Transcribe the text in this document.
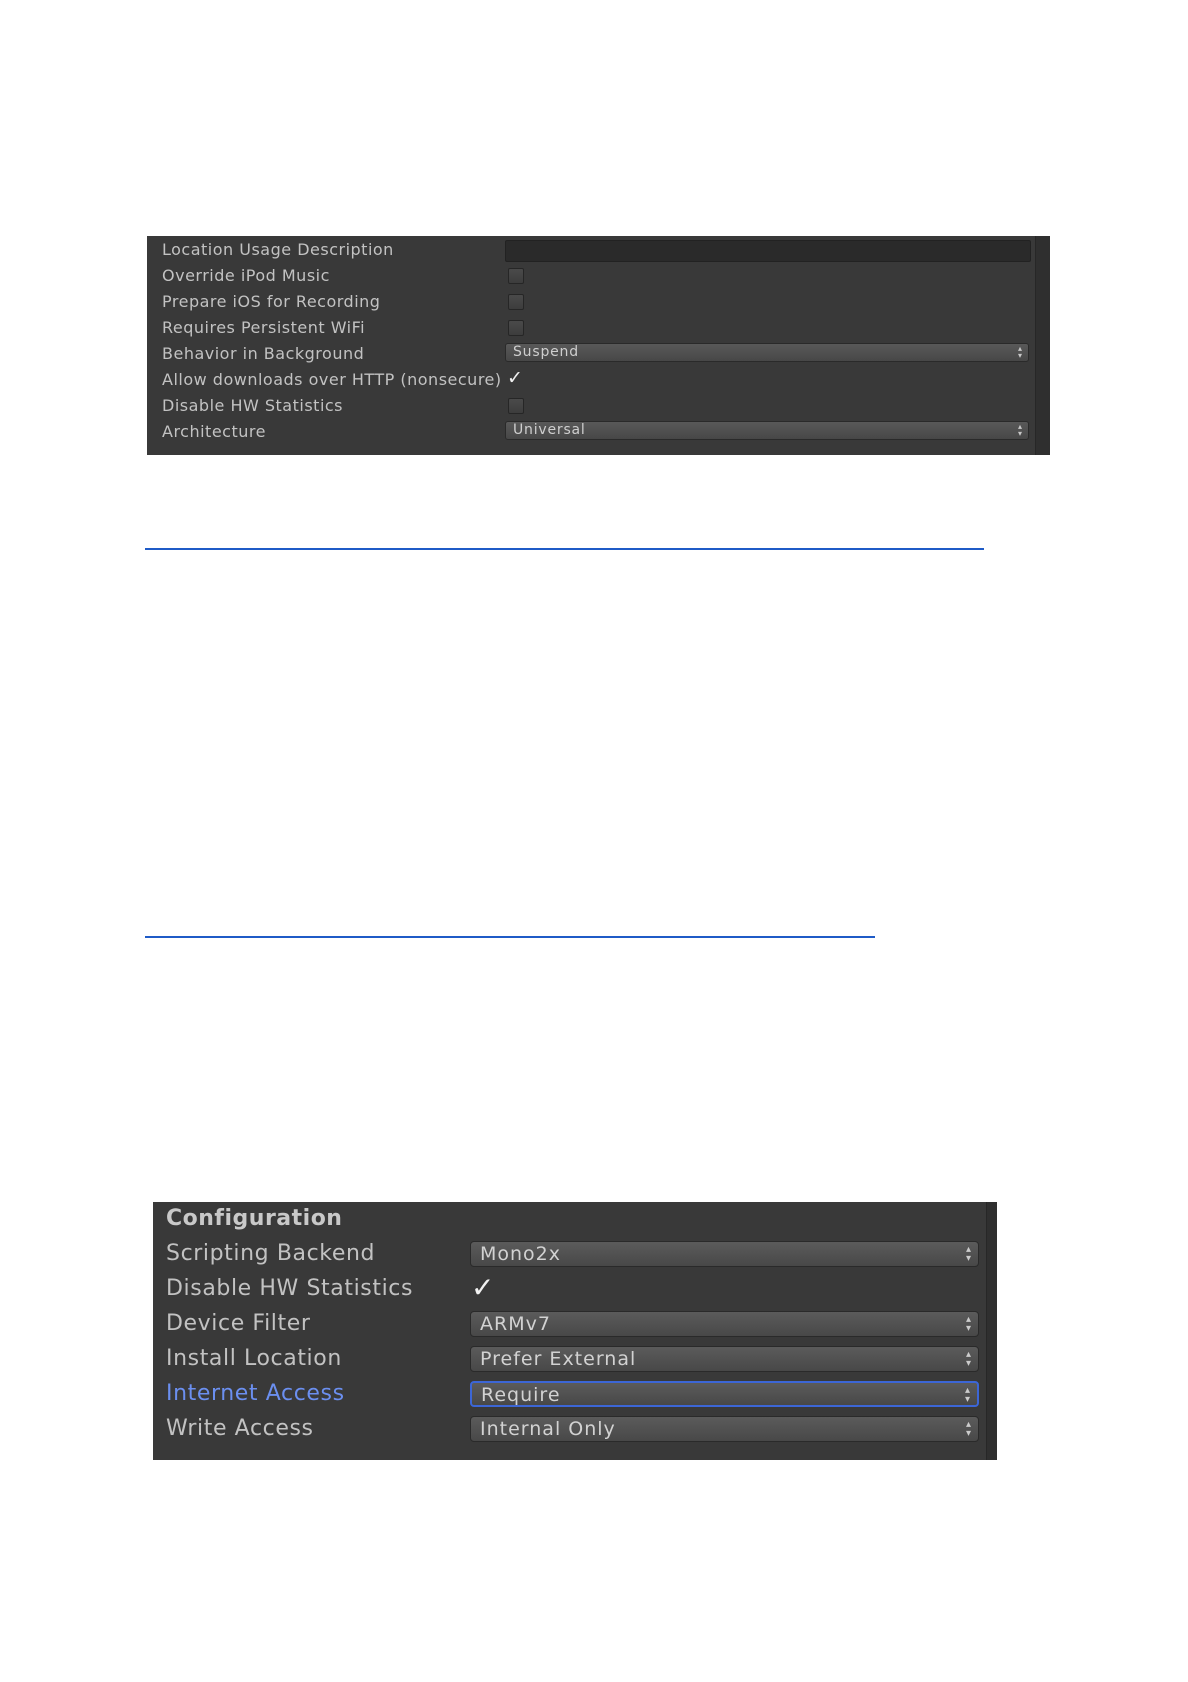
Location Usage Description
Override iPod Music
Prepare iOS for Recording
Requires Persistent WiFi
Behavior in Background	Suspend	▴
▾
Allow downloads over HTTP (nonsecure) ✓
Disable HW Statistics
Architecture	Universal	▴
▾
Configuration
Scripting Backend	Mono2x	▴
▾
Disable HW Statistics ✓
Device Filter	ARMv7	▴
▾
Install Location	Prefer External	▴
▾
Internet Access	Require	▴
▾
Write Access	Internal Only	▴
▾
